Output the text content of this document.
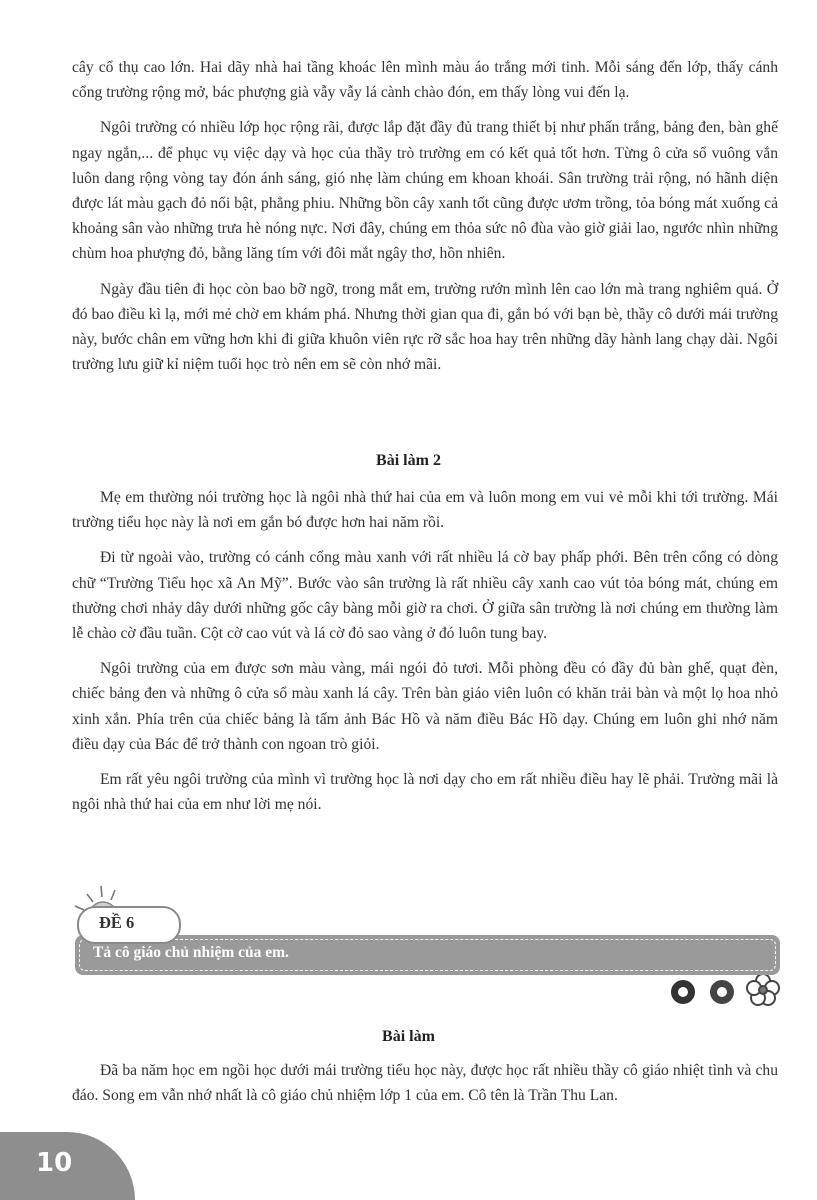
cây cổ thụ cao lớn. Hai dãy nhà hai tầng khoác lên mình màu áo trắng mới tinh. Mỗi sáng đến lớp, thấy cánh cổng trường rộng mở, bác phượng già vẫy vẫy lá cành chào đón, em thấy lòng vui đến lạ.

Ngôi trường có nhiều lớp học rộng rãi, được lắp đặt đầy đủ trang thiết bị như phấn trắng, bảng đen, bàn ghế ngay ngắn,... để phục vụ việc dạy và học của thầy trò trường em có kết quả tốt hơn. Từng ô cửa sổ vuông vắn luôn dang rộng vòng tay đón ánh sáng, gió nhẹ làm chúng em khoan khoái. Sân trường trải rộng, nó hãnh diện được lát màu gạch đỏ nổi bật, phẳng phiu. Những bồn cây xanh tốt cũng được ươm trồng, tỏa bóng mát xuống cả khoảng sân vào những trưa hè nóng nực. Nơi đây, chúng em thỏa sức nô đùa vào giờ giải lao, ngước nhìn những chùm hoa phượng đỏ, bằng lăng tím với đôi mắt ngây thơ, hồn nhiên.

Ngày đầu tiên đi học còn bao bỡ ngỡ, trong mắt em, trường rướn mình lên cao lớn mà trang nghiêm quá. Ở đó bao điều kì lạ, mới mẻ chờ em khám phá. Nhưng thời gian qua đi, gắn bó với bạn bè, thầy cô dưới mái trường này, bước chân em vững hơn khi đi giữa khuôn viên rực rỡ sắc hoa hay trên những dãy hành lang chạy dài. Ngôi trường lưu giữ kỉ niệm tuổi học trò nên em sẽ còn nhớ mãi.

Bài làm 2

Mẹ em thường nói trường học là ngôi nhà thứ hai của em và luôn mong em vui vẻ mỗi khi tới trường. Mái trường tiểu học này là nơi em gắn bó được hơn hai năm rồi.

Đi từ ngoài vào, trường có cánh cổng màu xanh với rất nhiều lá cờ bay phấp phới. Bên trên cổng có dòng chữ “Trường Tiểu học xã An Mỹ”. Bước vào sân trường là rất nhiều cây xanh cao vút tỏa bóng mát, chúng em thường chơi nhảy dây dưới những gốc cây bàng mỗi giờ ra chơi. Ở giữa sân trường là nơi chúng em thường làm lễ chào cờ đầu tuần. Cột cờ cao vút và lá cờ đỏ sao vàng ở đó luôn tung bay.

Ngôi trường của em được sơn màu vàng, mái ngói đỏ tươi. Mỗi phòng đều có đầy đủ bàn ghế, quạt đèn, chiếc bảng đen và những ô cửa sổ màu xanh lá cây. Trên bàn giáo viên luôn có khăn trải bàn và một lọ hoa nhỏ xinh xắn. Phía trên của chiếc bảng là tấm ảnh Bác Hồ và năm điều Bác Hồ dạy. Chúng em luôn ghi nhớ năm điều dạy của Bác để trở thành con ngoan trò giỏi.

Em rất yêu ngôi trường của mình vì trường học là nơi dạy cho em rất nhiều điều hay lẽ phải. Trường mãi là ngôi nhà thứ hai của em như lời mẹ nói.

Tả cô giáo chủ nhiệm của em.
ĐỀ 6
Bài làm

Đã ba năm học em ngồi học dưới mái trường tiểu học này, được học rất nhiều thầy cô giáo nhiệt tình và chu đáo. Song em vẫn nhớ nhất là cô giáo chủ nhiệm lớp 1 của em. Cô tên là Trần Thu Lan.

10
